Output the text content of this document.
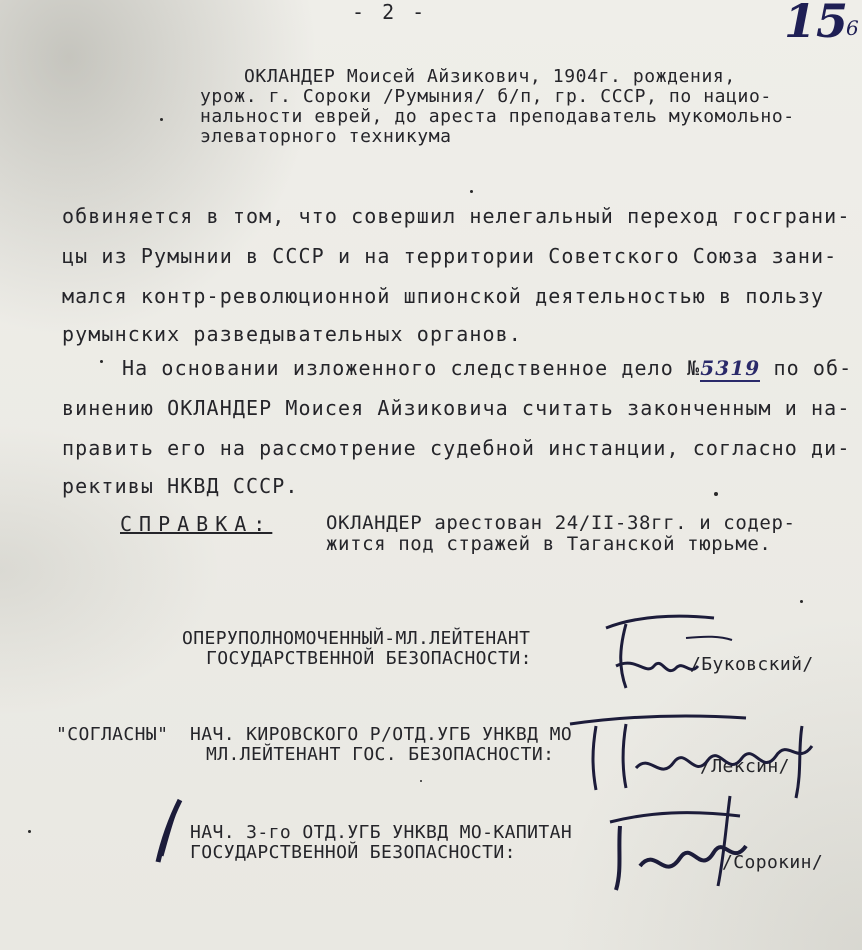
- 2 -	15
6
ОКЛАНДЕР Моисей Айзикович, 1904г. рождения,
урож. г. Сороки /Румыния/ б/п, гр. СССР, по нацио-
нальности еврей, до ареста преподаватель мукомольно-
элеваторного техникума
обвиняется в том, что совершил нелегальный переход госграни-
цы из Румынии в СССР и на территории Советского Союза зани-
мался контр-революционной шпионской деятельностью в пользу
румынских разведывательных органов.
На основании изложенного следственное дело №5319 по об-
винению ОКЛАНДЕР Моисея Айзиковича считать законченным и на-
править его на рассмотрение судебной инстанции, согласно ди-
рективы НКВД СССР.
СПРАВКА:	ОКЛАНДЕР арестован 24/II-38гг. и содер-
жится под стражей в Таганской тюрьме.
ОПЕРУПОЛНОМОЧЕННЫЙ-МЛ.ЛЕЙТЕНАНТ
ГОСУДАРСТВЕННОЙ БЕЗОПАСНОСТИ:	/Буковский/
"СОГЛАСНЫ" НАЧ. КИРОВСКОГО Р/ОТД.УГБ УНКВД МО
МЛ.ЛЕЙТЕНАНТ ГОС. БЕЗОПАСНОСТИ:
/Лексин/
НАЧ. 3-го ОТД.УГБ УНКВД МО-КАПИТАН
ГОСУДАРСТВЕННОЙ БЕЗОПАСНОСТИ:	/Сорокин/
